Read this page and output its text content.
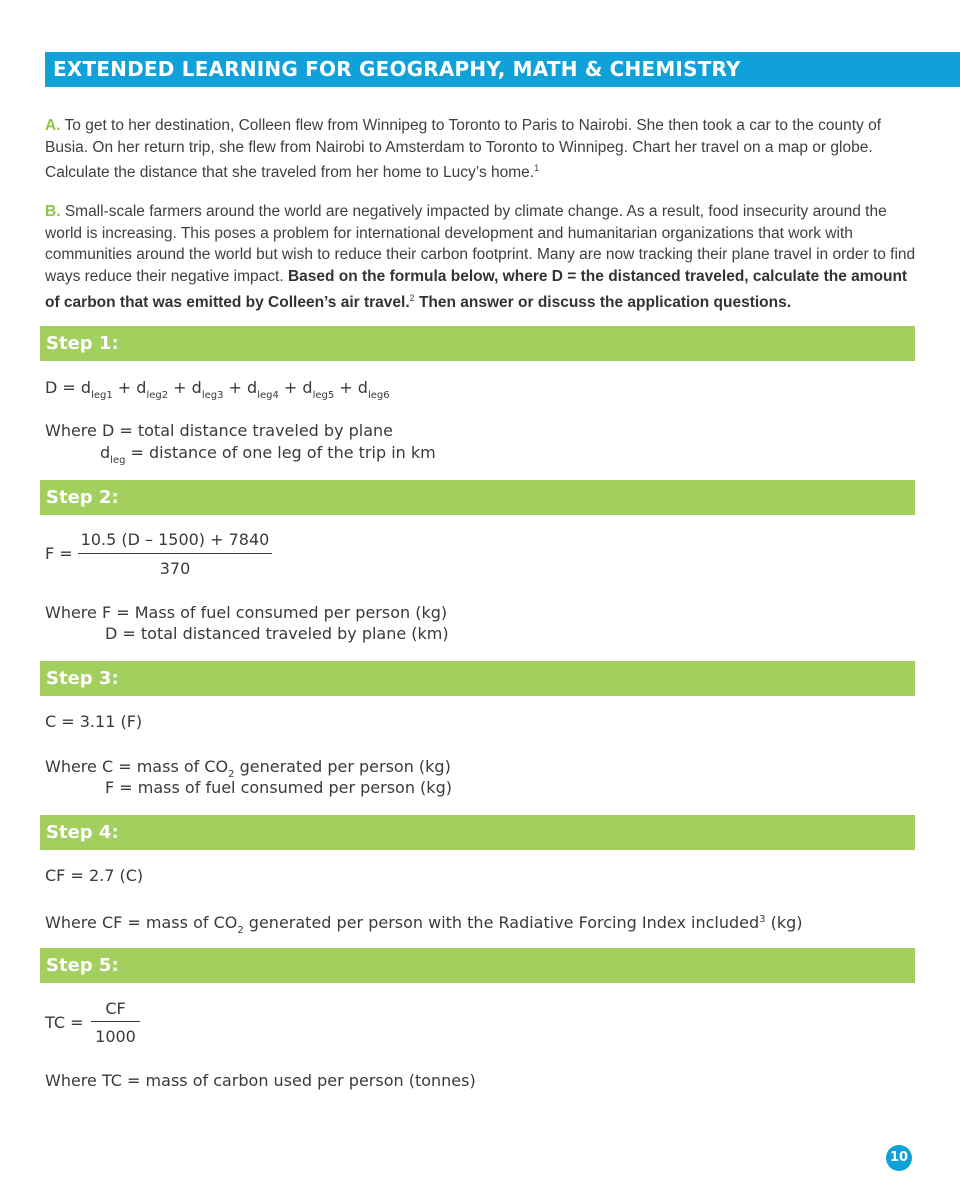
EXTENDED LEARNING FOR GEOGRAPHY, MATH & CHEMISTRY
A. To get to her destination, Colleen flew from Winnipeg to Toronto to Paris to Nairobi. She then took a car to the county of Busia. On her return trip, she flew from Nairobi to Amsterdam to Toronto to Winnipeg. Chart her travel on a map or globe. Calculate the distance that she traveled from her home to Lucy’s home.$^1$
B. Small-scale farmers around the world are negatively impacted by climate change. As a result, food insecurity around the world is increasing. This poses a problem for international development and humanitarian organizations that work with communities around the world but wish to reduce their carbon footprint. Many are now tracking their plane travel in order to find ways reduce their negative impact. Based on the formula below, where D = the distanced traveled, calculate the amount of carbon that was emitted by Colleen’s air travel.$^2$ Then answer or discuss the application questions.
Step 1:
$D = d_{leg1} + d_{leg2} + d_{leg3} + d_{leg4} + d_{leg5} + d_{leg6}$
Where D = total distance traveled by plane
$d_{leg}$ = distance of one leg of the trip in km
Step 2:
F =
10.5 (D – 1500) + 7840
370
Where F = Mass of fuel consumed per person (kg)
D = total distanced traveled by plane (km)
Step 3:
C = 3.11 (F)
Where C = mass of $CO_2$ generated per person (kg)
F = mass of fuel consumed per person (kg)
Step 4:
CF = 2.7 (C)
Where CF = mass of $CO_2$ generated per person with the Radiative Forcing Index included$^3$ (kg)
Step 5:
TC =
CF
1000
Where TC = mass of carbon used per person (tonnes)
10
